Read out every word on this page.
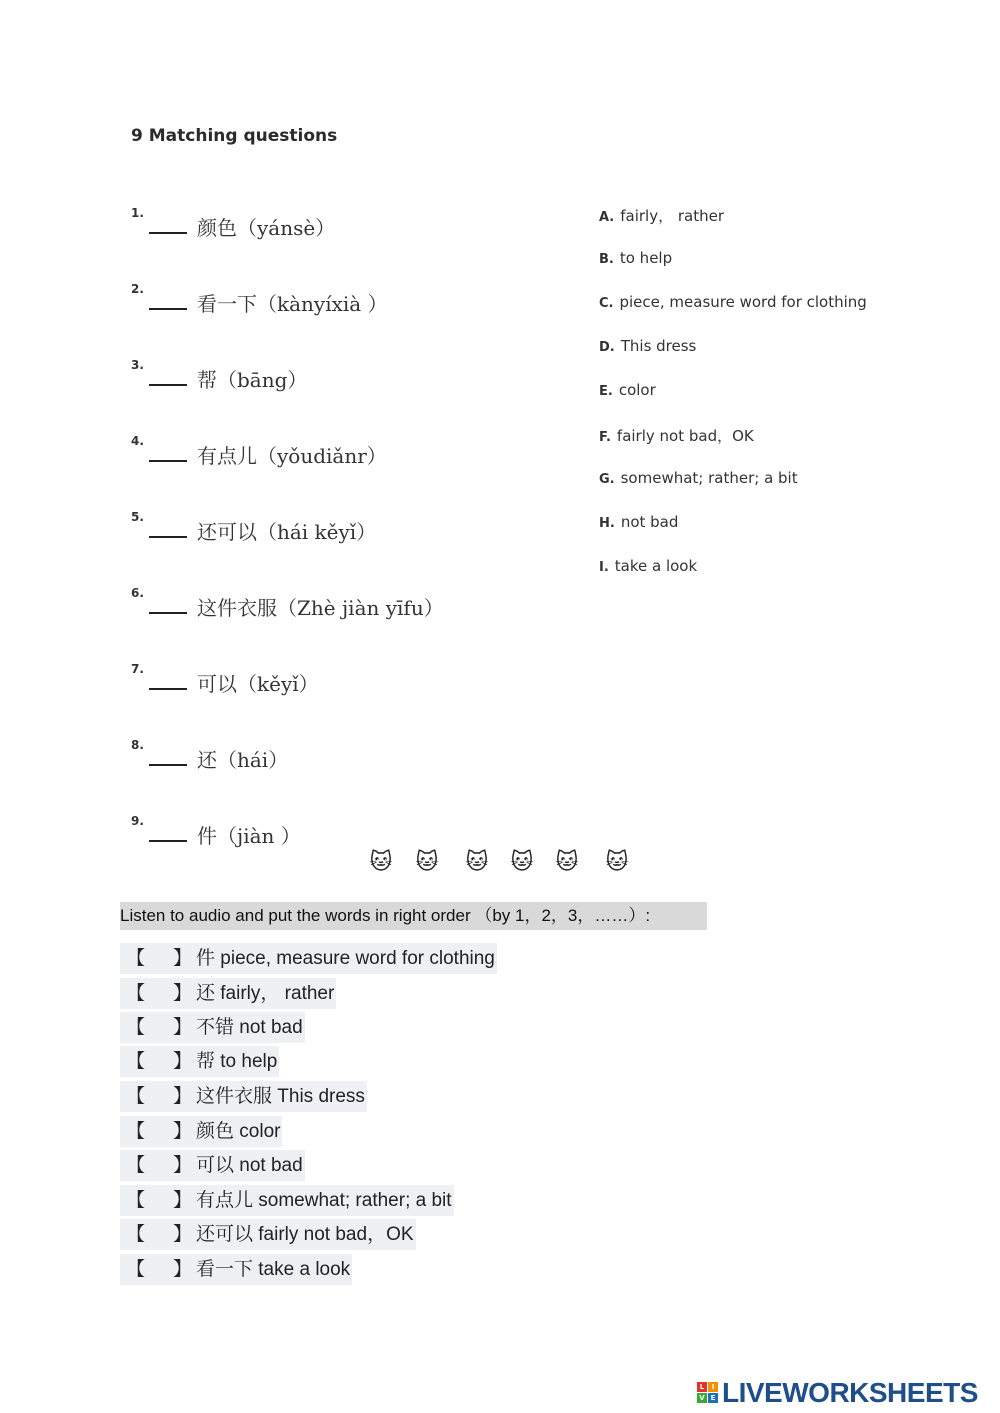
9 Matching questions
1.
颜色（yánsè）
2.
看一下（kànyíxià ）
3.
帮（bāng）
4.
有点儿（yǒudiǎnr）
5.
还可以（hái kěyǐ）
6.
这件衣服（Zhè jiàn yīfu）
7.
可以（kěyǐ）
8.
还（hái）
9.
件（jiàn ）
A. fairly， rather
B. to help
C. piece, measure word for clothing
D. This dress
E. color
F. fairly not bad，OK
G. somewhat; rather; a bit
H. not bad
I. take a look
🐱 🐱 🐱 🐱 🐱 🐱
Listen to audio and put the words in right order （by 1，2，3，……）:
【 】 件 piece, measure word for clothing
【 】 还 fairly， rather
【 】 不错 not bad
【 】 帮 to help
【 】 这件衣服 This dress
【 】 颜色 color
【 】 可以 not bad
【 】 有点儿 somewhat; rather; a bit
【 】 还可以 fairly not bad，OK
【 】 看一下 take a look
L	I
V E LIVEWORKSHEETS
